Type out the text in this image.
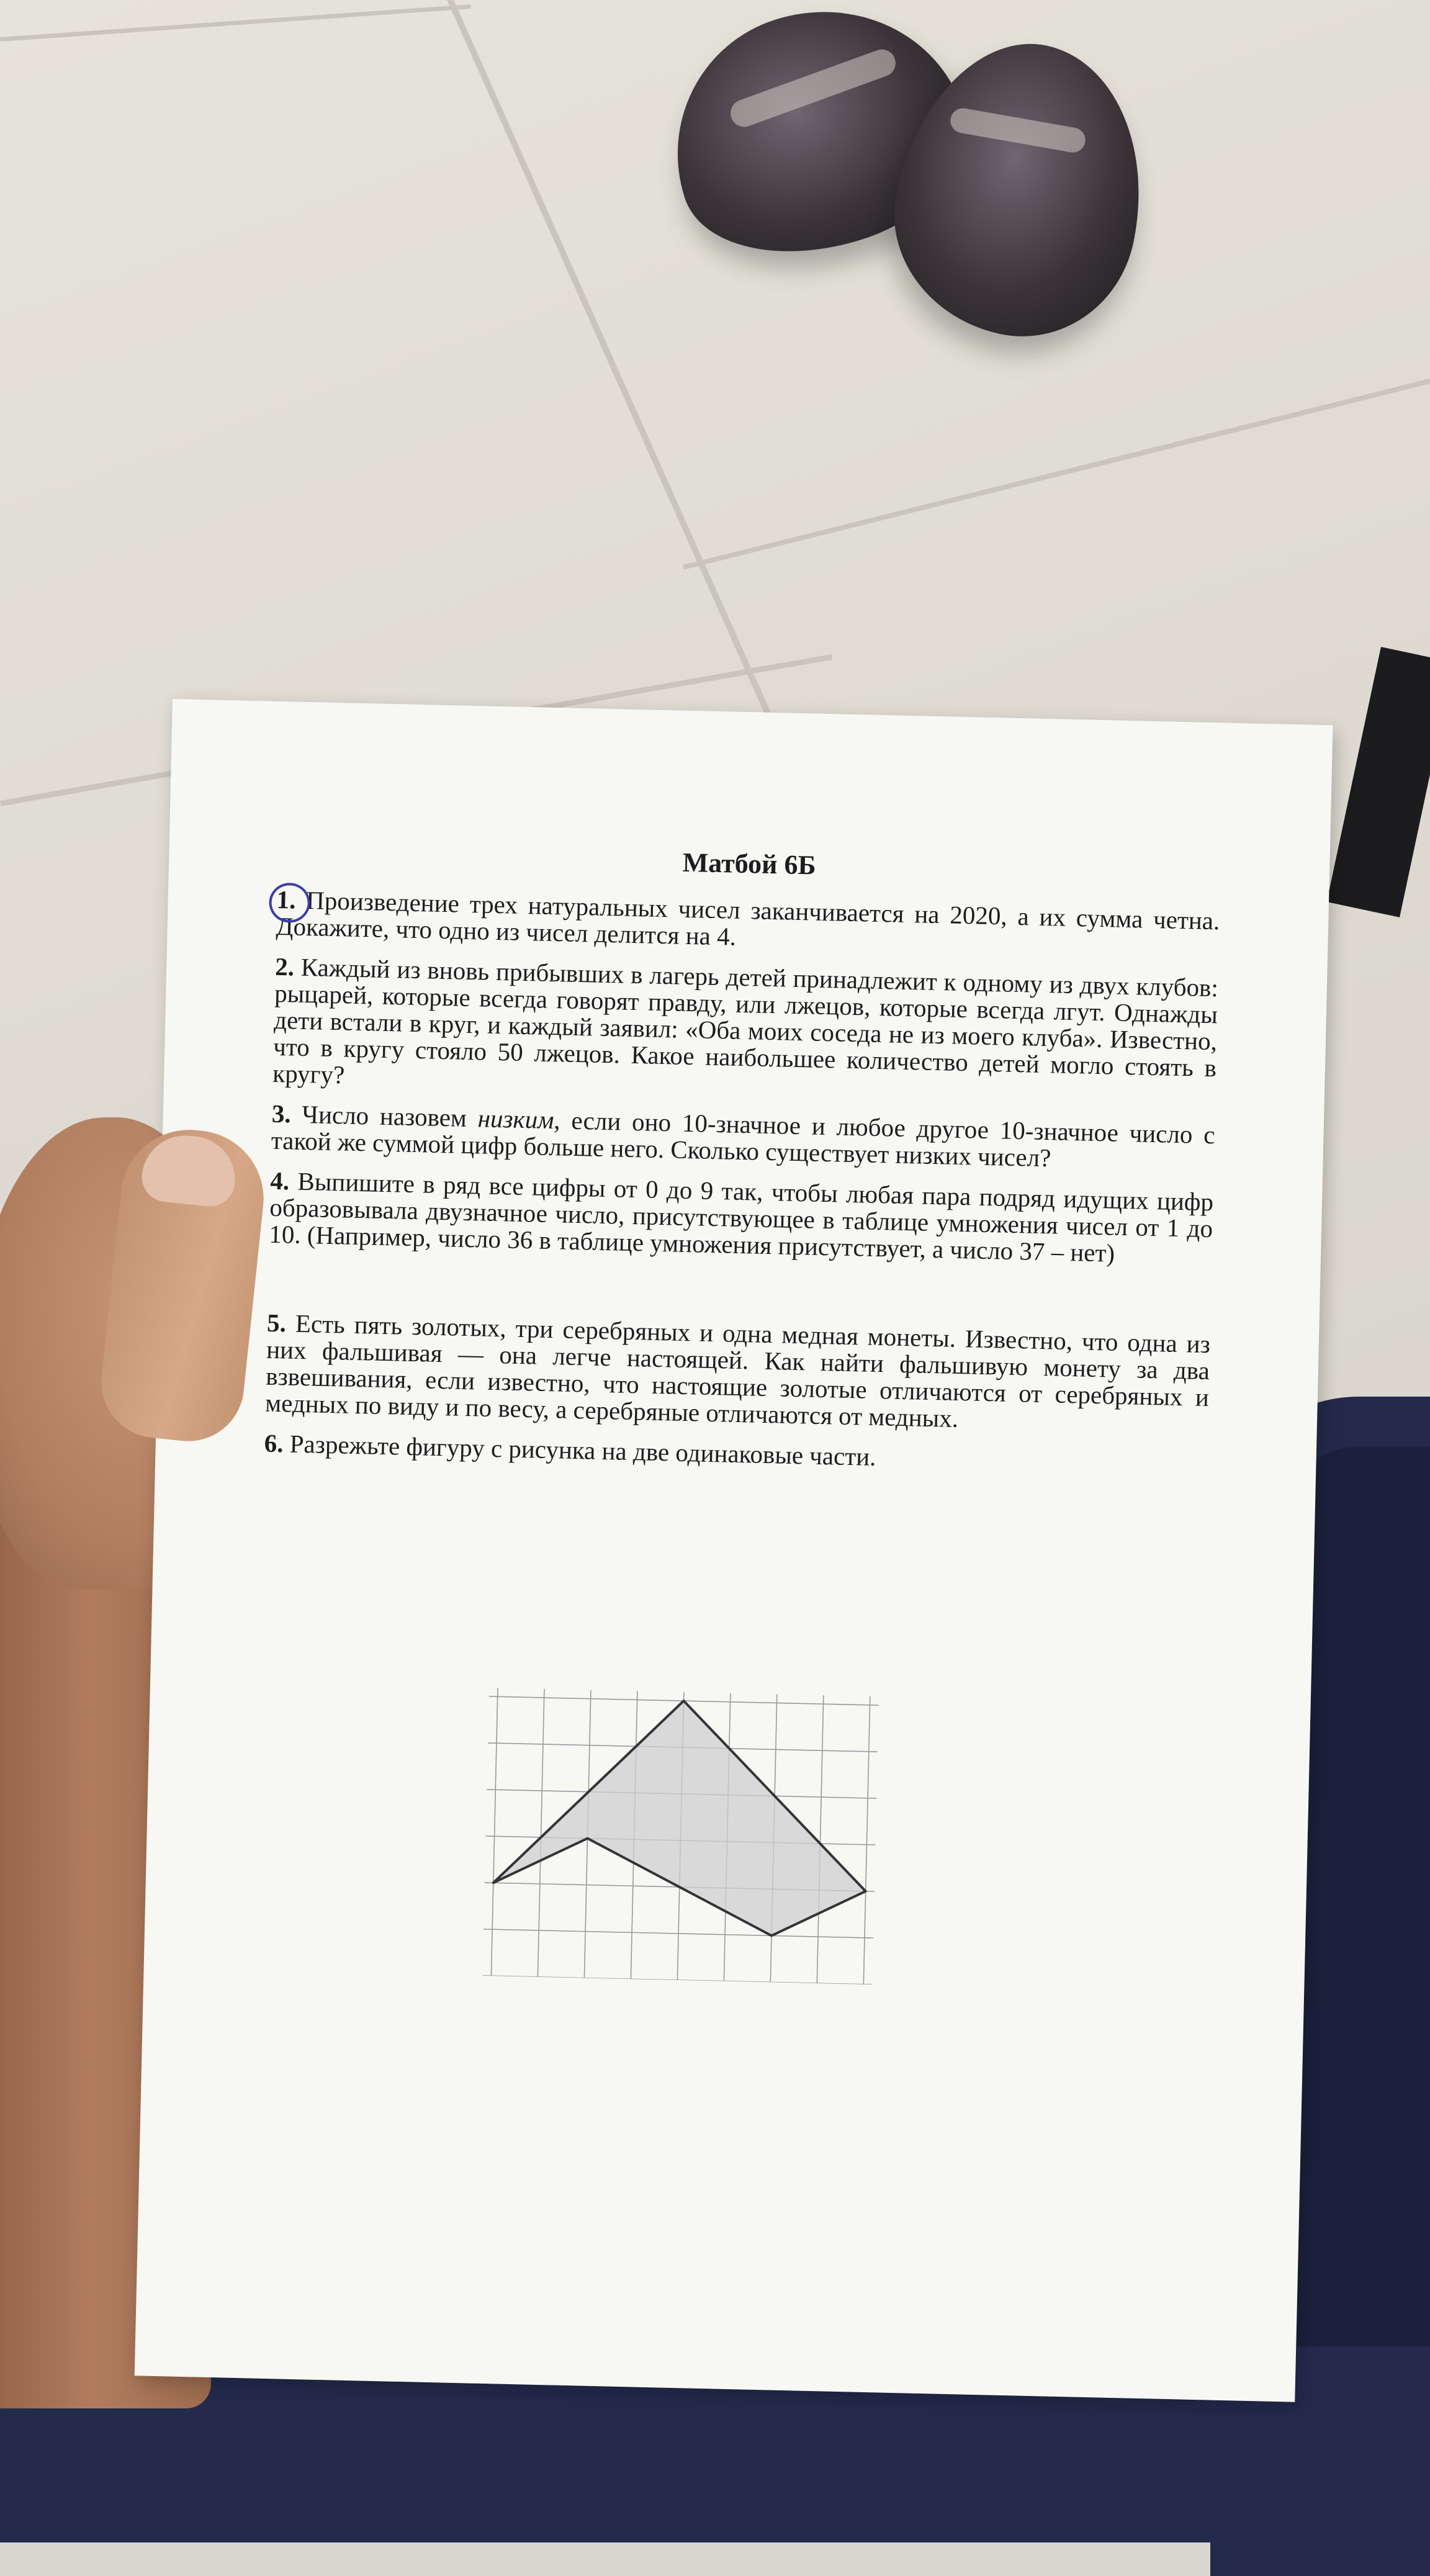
Матбой 6Б
1. Произведение трех натуральных чисел заканчивается на 2020, а их сумма четна. Докажите, что одно из чисел делится на 4.
2. Каждый из вновь прибывших в лагерь детей принадлежит к одному из двух клубов: рыцарей, которые всегда говорят правду, или лжецов, которые всегда лгут. Однажды дети встали в круг, и каждый заявил: «Оба моих соседа не из моего клуба». Известно, что в кругу стояло 50 лжецов. Какое наибольшее количество детей могло стоять в кругу?
3. Число назовем низким, если оно 10-значное и любое другое 10-значное число с такой же суммой цифр больше него. Сколько существует низких чисел?
4. Выпишите в ряд все цифры от 0 до 9 так, чтобы любая пара подряд идущих цифр образовывала двузначное число, присутствующее в таблице умножения чисел от 1 до 10. (Например, число 36 в таблице умножения присутствует, а число 37 – нет)
5. Есть пять золотых, три серебряных и одна медная монеты. Известно, что одна из них фальшивая — она легче настоящей. Как найти фальшивую монету за два взвешивания, если известно, что настоящие золотые отличаются от серебряных и медных по виду и по весу, а серебряные отличаются от медных.
6. Разрежьте фигуру с рисунка на две одинаковые части.
